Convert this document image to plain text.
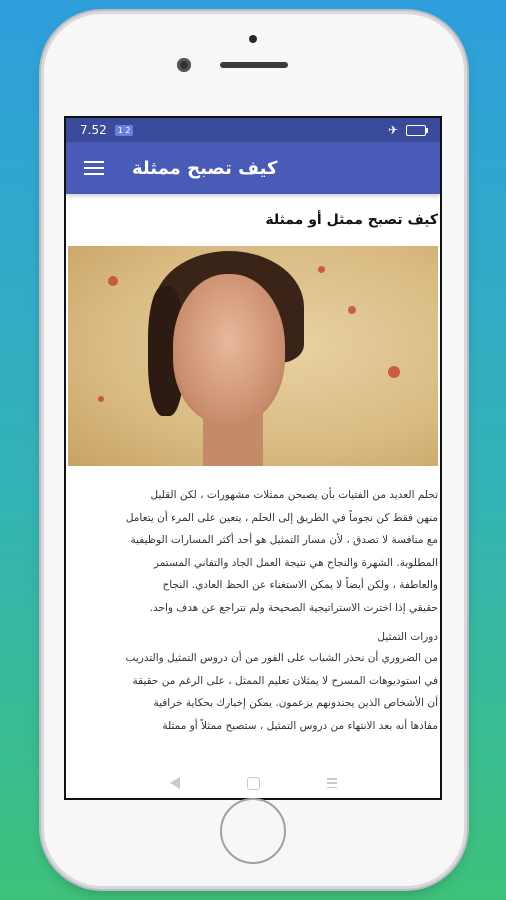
7.52	1 2	✈
كيف تصبح ممثلة
كيف تصبح ممثل أو ممثلة

تحلم العديد من الفتيات بأن يصبحن ممثلات مشهورات ، لكن القليل

منهن فقط كن نجوماً في الطريق إلى الحلم ، يتعين على المرء أن يتعامل

مع منافسة لا تصدق ، لأن مسار التمثيل هو أحد أكثر المسارات الوظيفية

المطلوبة. الشهرة والنجاح هي نتيجة العمل الجاد والتفاني المستمر

والعاطفة ، ولكن أيضاً لا يمكن الاستغناء عن الحظ العادي. النجاح

حقيقي إذا اخترت الاستراتيجية الصحيحة ولم تتراجع عن هدف واحد.

دورات التمثيل

من الضروري أن نحذر الشباب على الفور من أن دروس التمثيل والتدريب

في استوديوهات المسرح لا يمثلان تعليم الممثل ، على الرغم من حقيقة

أن الأشخاص الذين يجندونهم يزعمون. يمكن إخبارك بحكاية خرافية

مفادها أنه بعد الانتهاء من دروس التمثيل ، ستصبح ممثلاً أو ممثلة
